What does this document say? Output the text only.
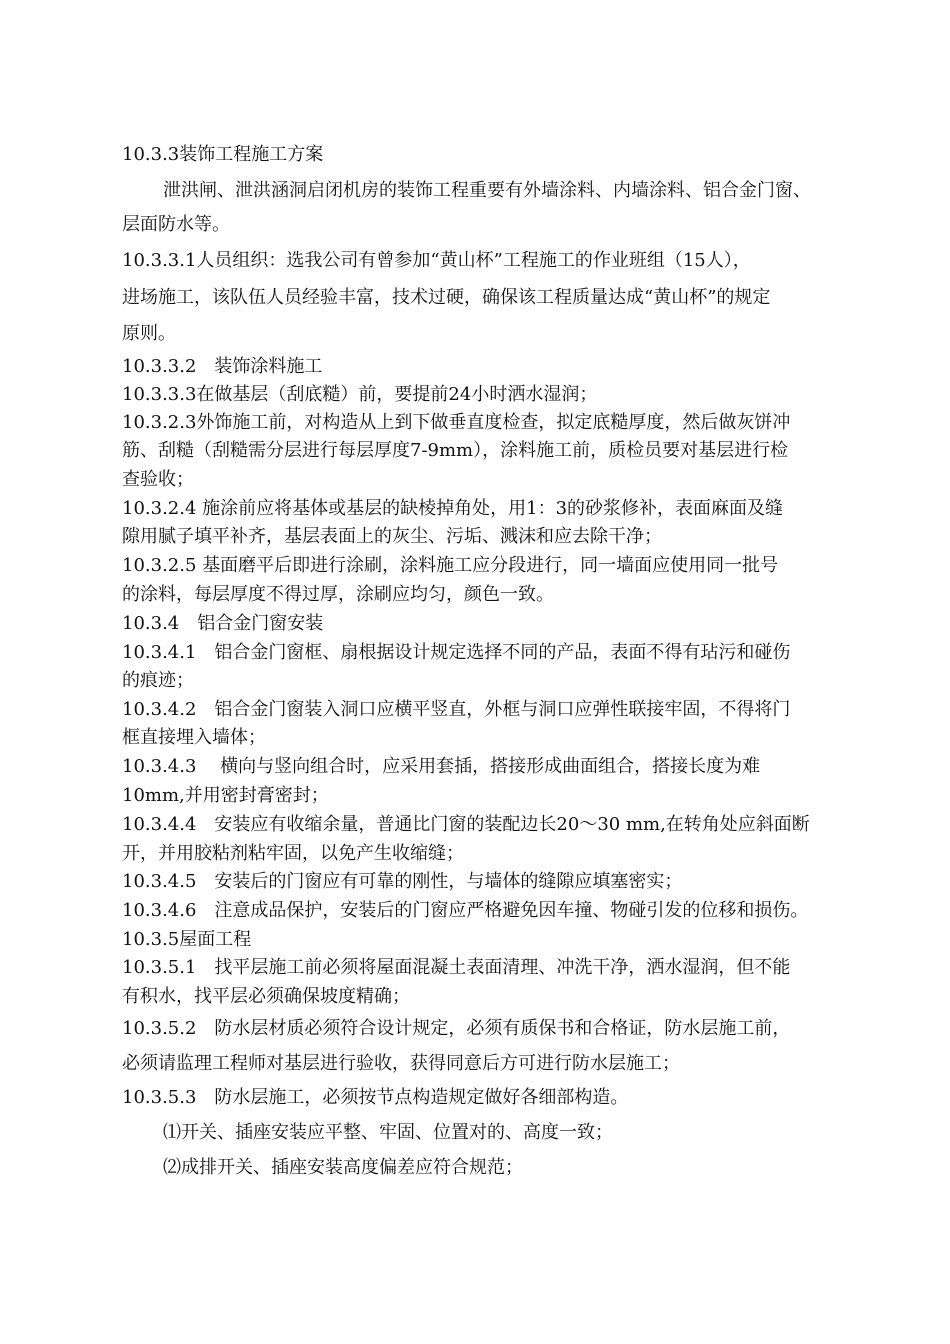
10.3.3装饰工程施工方案
泄洪闸、泄洪涵洞启闭机房的装饰工程重要有外墙涂料、内墙涂料、铝合金门窗、
层面防水等。
10.3.3.1人员组织：选我公司有曾参加“黄山杯”工程施工的作业班组（15人），
进场施工，该队伍人员经验丰富，技术过硬，确保该工程质量达成“黄山杯”的规定
原则。
10.3.3.2　装饰涂料施工
10.3.3.3在做基层（刮底糙）前，要提前24小时洒水湿润；
10.3.2.3外饰施工前，对构造从上到下做垂直度检查，拟定底糙厚度，然后做灰饼冲
筋、刮糙（刮糙需分层进行每层厚度7-9mm），涂料施工前，质检员要对基层进行检
查验收；
10.3.2.4 施涂前应将基体或基层的缺棱掉角处，用1：3的砂浆修补，表面麻面及缝
隙用腻子填平补齐，基层表面上的灰尘、污垢、溅沫和应去除干净；
10.3.2.5 基面磨平后即进行涂刷，涂料施工应分段进行，同一墙面应使用同一批号
的涂料，每层厚度不得过厚，涂刷应均匀，颜色一致。
10.3.4　铝合金门窗安装
10.3.4.1　铝合金门窗框、扇根据设计规定选择不同的产品，表面不得有玷污和碰伤
的痕迹；
10.3.4.2　铝合金门窗装入洞口应横平竖直，外框与洞口应弹性联接牢固，不得将门
框直接埋入墙体；
10.3.4.3　 横向与竖向组合时，应采用套插，搭接形成曲面组合，搭接长度为难
10mm,并用密封膏密封；
10.3.4.4　安装应有收缩余量，普通比门窗的装配边长20～30 mm,在转角处应斜面断
开，并用胶粘剂粘牢固，以免产生收缩缝；
10.3.4.5　安装后的门窗应有可靠的刚性，与墙体的缝隙应填塞密实；
10.3.4.6　注意成品保护，安装后的门窗应严格避免因车撞、物碰引发的位移和损伤。
10.3.5屋面工程
10.3.5.1　找平层施工前必须将屋面混凝土表面清理、冲洗干净，洒水湿润，但不能
有积水，找平层必须确保坡度精确；
10.3.5.2　防水层材质必须符合设计规定，必须有质保书和合格证，防水层施工前，
必须请监理工程师对基层进行验收，获得同意后方可进行防水层施工；
10.3.5.3　防水层施工，必须按节点构造规定做好各细部构造。
⑴开关、插座安装应平整、牢固、位置对的、高度一致；
⑵成排开关、插座安装高度偏差应符合规范；
